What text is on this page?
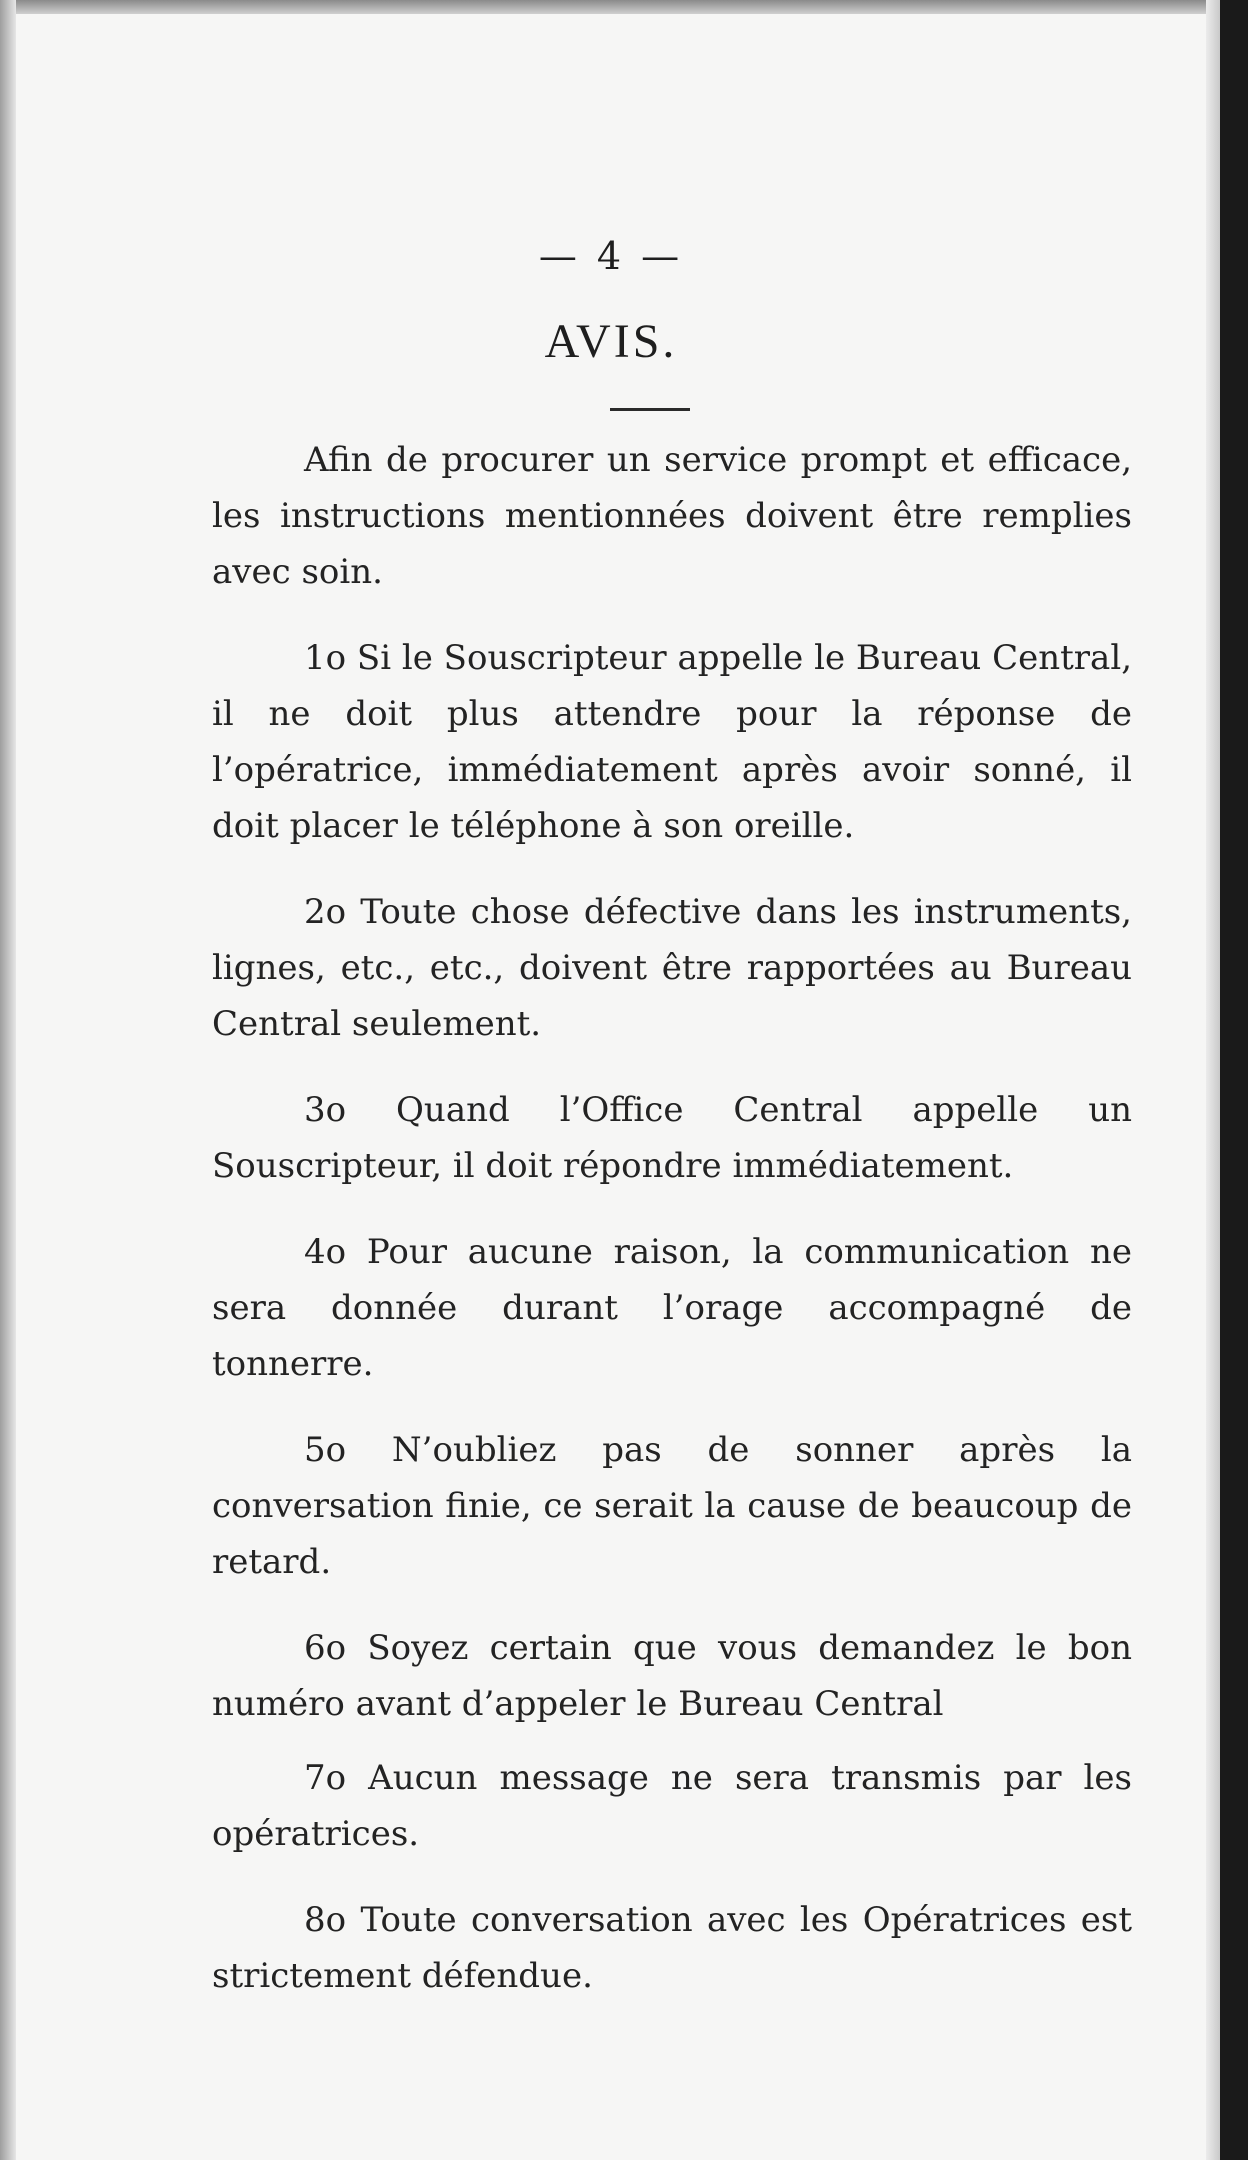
— 4 —
AVIS.

Afin de procurer un service prompt et efficace, les instructions mentionnées doivent être remplies avec soin.

1o Si le Souscripteur appelle le Bureau Central, il ne doit plus attendre pour la réponse de l’opératrice, immédiatement après avoir sonné, il doit placer le téléphone à son oreille.

2o Toute chose défective dans les instruments, lignes, etc., etc., doivent être rapportées au Bureau Central seulement.

3o Quand l’Office Central appelle un Souscripteur, il doit répondre immédiatement.

4o Pour aucune raison, la communication ne sera donnée durant l’orage accompagné de tonnerre.

5o N’oubliez pas de sonner après la conversation finie, ce serait la cause de beaucoup de retard.

6o Soyez certain que vous demandez le bon numéro avant d’appeler le Bureau Central

7o Aucun message ne sera transmis par les opératrices.

8o Toute conversation avec les Opératrices est strictement défendue.
